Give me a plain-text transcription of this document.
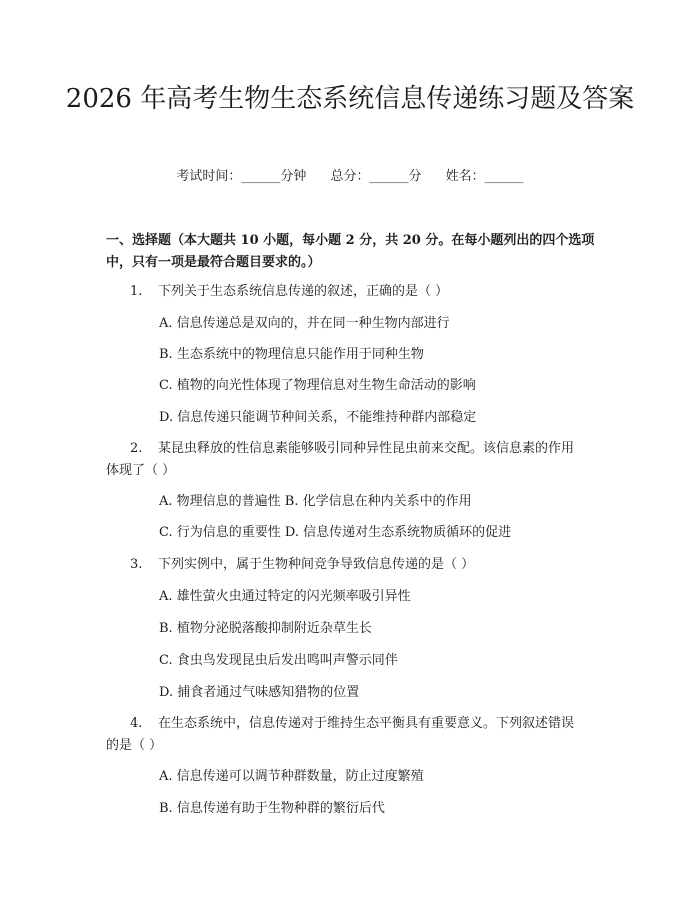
2026 年高考生物生态系统信息传递练习题及答案
考试时间：______分钟 总分：______分 姓名：______
一、选择题（本大题共 10 小题，每小题 2 分，共 20 分。在每小题列出的四个选项中，只有一项是最符合题目要求的。）
1. 下列关于生态系统信息传递的叙述，正确的是（ ）
A. 信息传递总是双向的，并在同一种生物内部进行
B. 生态系统中的物理信息只能作用于同种生物
C. 植物的向光性体现了物理信息对生物生命活动的影响
D. 信息传递只能调节种间关系，不能维持种群内部稳定
2. 某昆虫释放的性信息素能够吸引同种异性昆虫前来交配。该信息素的作用
体现了（ ）
A. 物理信息的普遍性 B. 化学信息在种内关系中的作用
C. 行为信息的重要性 D. 信息传递对生态系统物质循环的促进
3. 下列实例中，属于生物种间竞争导致信息传递的是（ ）
A. 雄性萤火虫通过特定的闪光频率吸引异性
B. 植物分泌脱落酸抑制附近杂草生长
C. 食虫鸟发现昆虫后发出鸣叫声警示同伴
D. 捕食者通过气味感知猎物的位置
4. 在生态系统中，信息传递对于维持生态平衡具有重要意义。下列叙述错误
的是（ ）
A. 信息传递可以调节种群数量，防止过度繁殖
B. 信息传递有助于生物种群的繁衍后代
